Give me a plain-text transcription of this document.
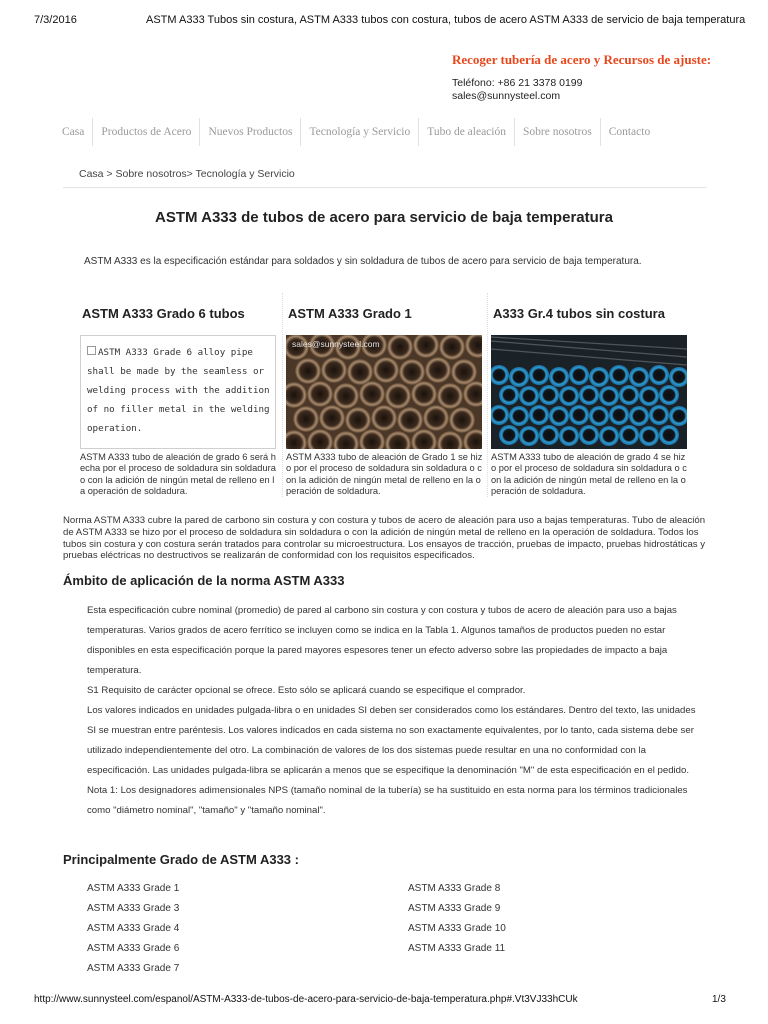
7/3/2016	ASTM A333 Tubos sin costura, ASTM A333 tubos con costura, tubos de acero ASTM A333 de servicio de baja temperatura
Recoger tubería de acero y Recursos de ajuste:
Teléfono: +86 21 3378 0199
sales@sunnysteel.com
Casa	Productos de Acero	Nuevos Productos	Tecnología y Servicio	Tubo de aleación	Sobre nosotros	Contacto
Casa > Sobre nosotros> Tecnología y Servicio
ASTM A333 de tubos de acero para servicio de baja temperatura

ASTM A333 es la especificación estándar para soldados y sin soldadura de tubos de acero para servicio de baja temperatura.

ASTM A333 Grado 6 tubos
ASTM A333 Grade 6 alloy pipe shall be made by the seamless or welding process with the addition of no filler metal in the welding operation.
ASTM A333 tubo de aleación de grado 6 será hecha por el proceso de soldadura sin soldadura o con la adición de ningún metal de relleno en la operación de soldadura.
ASTM A333 Grado 1
sales@sunnysteel.com
ASTM A333 tubo de aleación de Grado 1 se hizo por el proceso de soldadura sin soldadura o con la adición de ningún metal de relleno en la operación de soldadura.
A333 Gr.4 tubos sin costura
ASTM A333 tubo de aleación de grado 4 se hizo por el proceso de soldadura sin soldadura o con la adición de ningún metal de relleno en la operación de soldadura.

Norma ASTM A333 cubre la pared de carbono sin costura y con costura y tubos de acero de aleación para uso a bajas temperaturas. Tubo de aleación de ASTM A333 se hizo por el proceso de soldadura sin soldadura o con la adición de ningún metal de relleno en la operación de soldadura. Todos los tubos sin costura y con costura serán tratados para controlar su microestructura. Los ensayos de tracción, pruebas de impacto, pruebas hidrostáticas y pruebas eléctricas no destructivos se realizarán de conformidad con los requisitos especificados.

Ámbito de aplicación de la norma ASTM A333

Esta especificación cubre nominal (promedio) de pared al carbono sin costura y con costura y tubos de acero de aleación para uso a bajas temperaturas. Varios grados de acero ferrítico se incluyen como se indica en la Tabla 1. Algunos tamaños de productos pueden no estar disponibles en esta especificación porque la pared mayores espesores tener un efecto adverso sobre las propiedades de impacto a baja temperatura.

S1 Requisito de carácter opcional se ofrece. Esto sólo se aplicará cuando se especifique el comprador.

Los valores indicados en unidades pulgada-libra o en unidades SI deben ser considerados como los estándares. Dentro del texto, las unidades SI se muestran entre paréntesis. Los valores indicados en cada sistema no son exactamente equivalentes, por lo tanto, cada sistema debe ser utilizado independientemente del otro. La combinación de valores de los dos sistemas puede resultar en una no conformidad con la especificación. Las unidades pulgada-libra se aplicarán a menos que se especifique la denominación "M" de esta especificación en el pedido.

Nota 1: Los designadores adimensionales NPS (tamaño nominal de la tubería) se ha sustituido en esta norma para los términos tradicionales como "diámetro nominal", "tamaño" y "tamaño nominal".

Principalmente Grado de ASTM A333 :
ASTM A333 Grade 1
ASTM A333 Grade 3
ASTM A333 Grade 4
ASTM A333 Grade 6
ASTM A333 Grade 7
ASTM A333 Grade 8
ASTM A333 Grade 9
ASTM A333 Grade 10
ASTM A333 Grade 11
http://www.sunnysteel.com/espanol/ASTM-A333-de-tubos-de-acero-para-servicio-de-baja-temperatura.php#.Vt3VJ33hCUk	1/3
